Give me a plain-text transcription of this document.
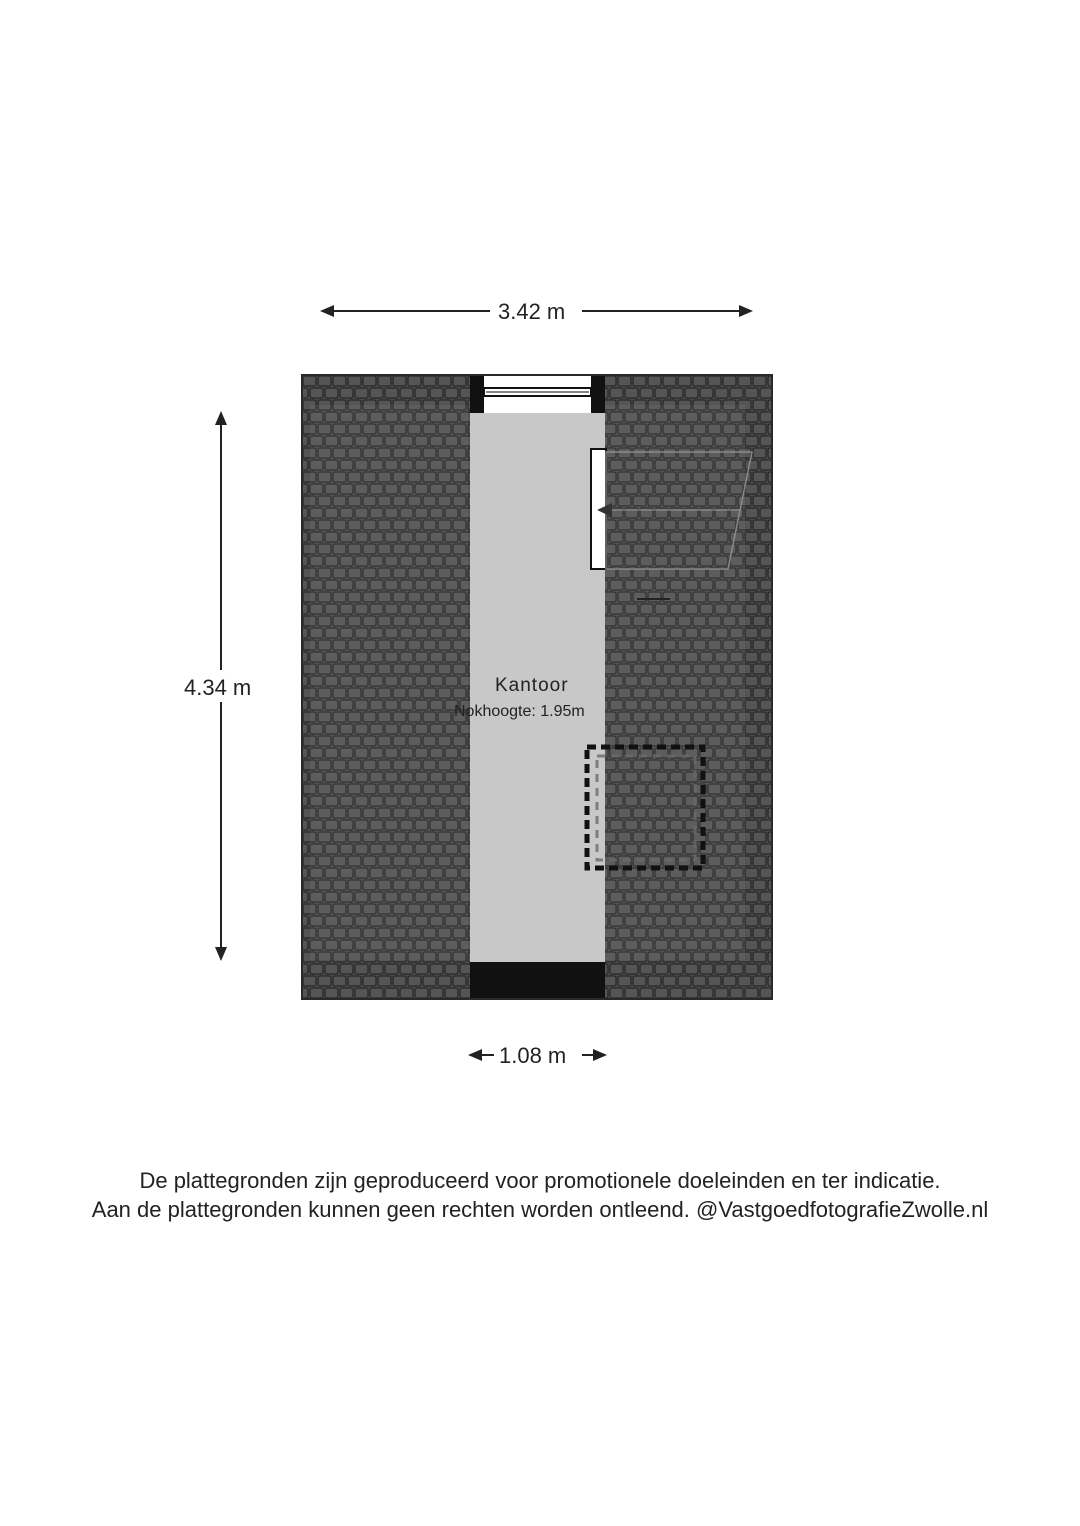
3.42 m
4.34 m
1.08 m
Kantoor
Nokhoogte: 1.95m
De plattegronden zijn geproduceerd voor promotionele doeleinden en ter indicatie.
Aan de plattegronden kunnen geen rechten worden ontleend. @VastgoedfotografieZwolle.nl
